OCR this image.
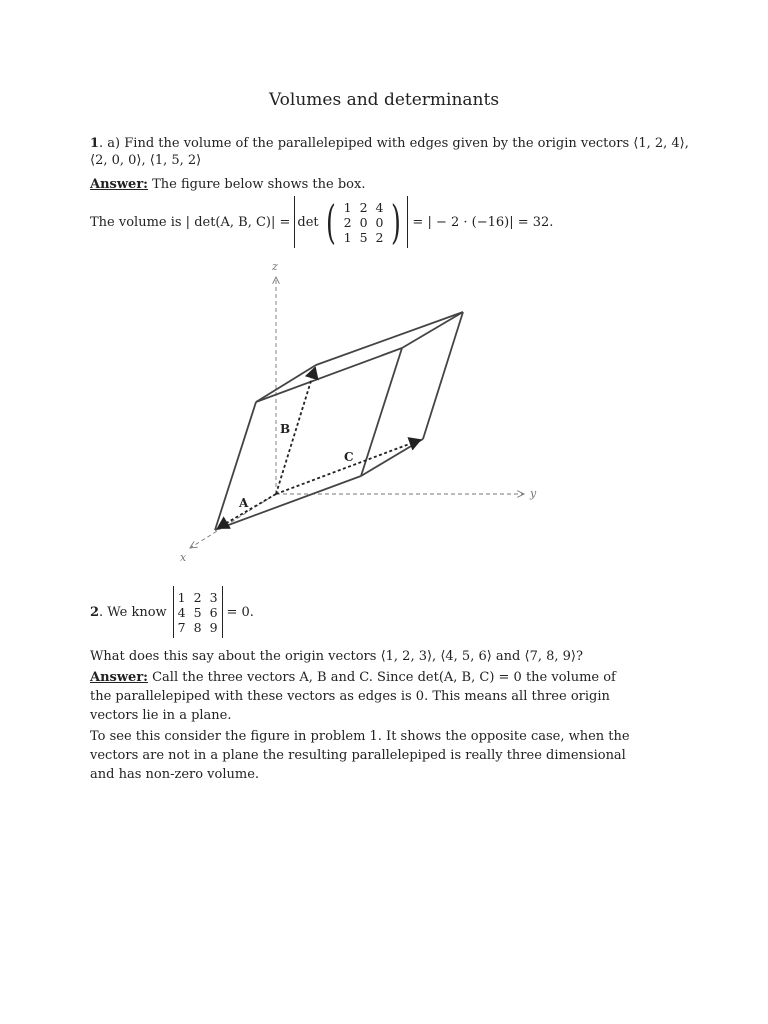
Volumes and determinants
1. a) Find the volume of the parallelepiped with edges given by the origin vectors ⟨1, 2, 4⟩,
⟨2, 0, 0⟩, ⟨1, 5, 2⟩
Answer: The figure below shows the box.
The volume is | det(A, B, C)| = det ( 1	2	4
2	0	0
1	5	2 ) = | − 2 · (−16)| = 32.
z
y
x
A
B
C
2 . We know
1	2	3
4	5	6
7	8	9
= 0.
What does this say about the origin vectors ⟨1, 2, 3⟩, ⟨4, 5, 6⟩ and ⟨7, 8, 9⟩?
Answer: Call the three vectors A, B and C. Since det(A, B, C) = 0 the volume of the parallelepiped with these vectors as edges is 0. This means all three origin vectors lie in a plane.
To see this consider the figure in problem 1. It shows the opposite case, when the vectors are not in a plane the resulting parallelepiped is really three dimensional and has non-zero volume.
